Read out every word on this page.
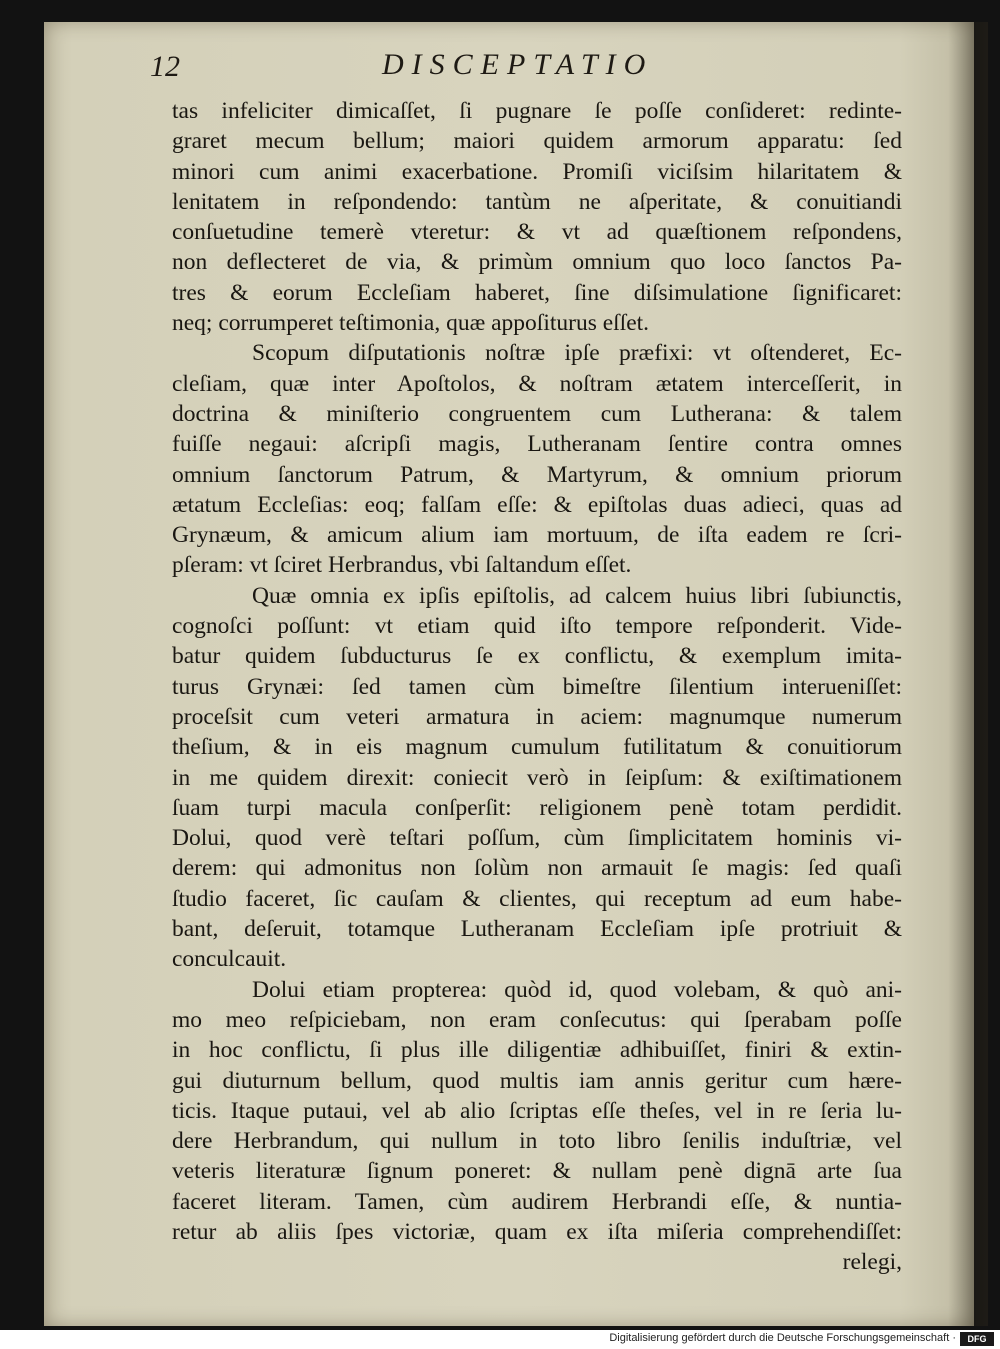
12	DISCEPTATIO
tas infeliciter dimicaſſet, ſi pugnare ſe poſſe conſideret: redinte-
graret mecum bellum; maiori quidem armorum apparatu: ſed
minori cum animi exacerbatione. Promiſi viciſsim hilaritatem &
lenitatem in reſpondendo: tantùm ne aſperitate, & conuitiandi
conſuetudine temerè vteretur: & vt ad quæſtionem reſpondens,
non deflecteret de via, & primùm omnium quo loco ſanctos Pa-
tres & eorum Eccleſiam haberet, ſine diſsimulatione ſignificaret:
neq; corrumperet teſtimonia, quæ appoſiturus eſſet.
Scopum diſputationis noſtræ ipſe præfixi: vt oſtenderet, Ec-
cleſiam, quæ inter Apoſtolos, & noſtram ætatem interceſſerit, in
doctrina & miniſterio congruentem cum Lutherana: & talem
fuiſſe negaui: aſcripſi magis, Lutheranam ſentire contra omnes
omnium ſanctorum Patrum, & Martyrum, & omnium priorum
ætatum Eccleſias: eoq; falſam eſſe: & epiſtolas duas adieci, quas ad
Grynæum, & amicum alium iam mortuum, de iſta eadem re ſcri-
pſeram: vt ſciret Herbrandus, vbi ſaltandum eſſet.
Quæ omnia ex ipſis epiſtolis, ad calcem huius libri ſubiunctis,
cognoſci poſſunt: vt etiam quid iſto tempore reſponderit. Vide-
batur quidem ſubducturus ſe ex conflictu, & exemplum imita-
turus Grynæi: ſed tamen cùm bimeſtre ſilentium interueniſſet:
proceſsit cum veteri armatura in aciem: magnumque numerum
theſium, & in eis magnum cumulum futilitatum & conuitiorum
in me quidem direxit: coniecit verò in ſeipſum: & exiſtimationem
ſuam turpi macula conſperſit: religionem penè totam perdidit.
Dolui, quod verè teſtari poſſum, cùm ſimplicitatem hominis vi-
derem: qui admonitus non ſolùm non armauit ſe magis: ſed quaſi
ſtudio faceret, ſic cauſam & clientes, qui receptum ad eum habe-
bant, deſeruit, totamque Lutheranam Eccleſiam ipſe protriuit &
conculcauit.
Dolui etiam propterea: quòd id, quod volebam, & quò ani-
mo meo reſpiciebam, non eram conſecutus: qui ſperabam poſſe
in hoc conflictu, ſi plus ille diligentiæ adhibuiſſet, finiri & extin-
gui diuturnum bellum, quod multis iam annis geritur cum hære-
ticis. Itaque putaui, vel ab alio ſcriptas eſſe theſes, vel in re ſeria lu-
dere Herbrandum, qui nullum in toto libro ſenilis induſtriæ, vel
veteris literaturæ ſignum poneret: & nullam penè dignā arte ſua
faceret literam. Tamen, cùm audirem Herbrandi eſſe, & nuntia-
retur ab aliis ſpes victoriæ, quam ex iſta miſeria comprehendiſſet:
relegi,
Digitalisierung gefördert durch die Deutsche Forschungsgemeinschaft ·	DFG
